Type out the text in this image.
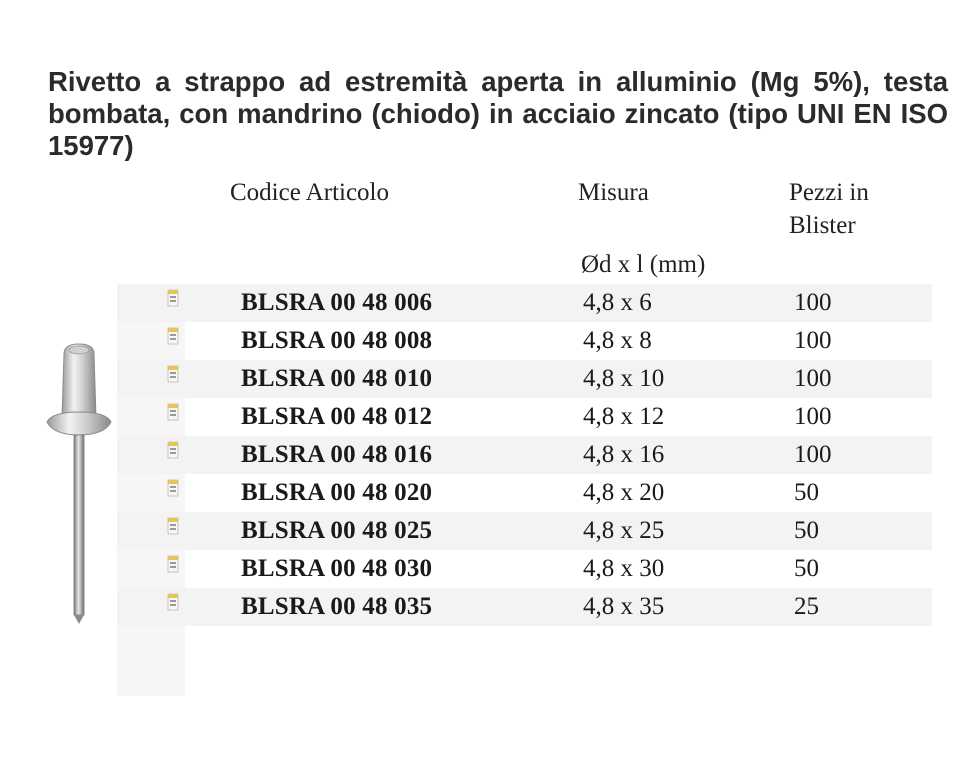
Rivetto a strappo ad estremità aperta in alluminio (Mg 5%), testa bombata, con mandrino (chiodo) in acciaio zincato (tipo UNI EN ISO 15977)
Codice Articolo	Misura	Pezzi in Blister
Ød x l (mm)
BLSRA 00 48 006	4,8 x 6	100
BLSRA 00 48 008	4,8 x 8	100
BLSRA 00 48 010	4,8 x 10	100
BLSRA 00 48 012	4,8 x 12	100
BLSRA 00 48 016	4,8 x 16	100
BLSRA 00 48 020	4,8 x 20	50
BLSRA 00 48 025	4,8 x 25	50
BLSRA 00 48 030	4,8 x 30	50
BLSRA 00 48 035	4,8 x 35	25
